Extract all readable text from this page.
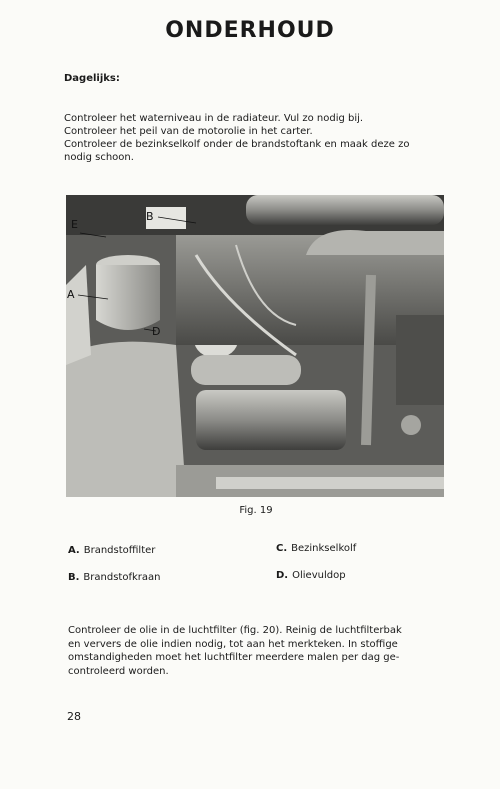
ONDERHOUD
Dagelijks:
Controleer het waterniveau in de radiateur. Vul zo nodig bij.
Controleer het peil van de motorolie in het carter.
Controleer de bezinkselkolf onder de brandstoftank en maak deze zo
nodig schoon.
E
B
A
D
Fig. 19
A. Brandstoffilter	C. Bezinkselkolf
B. Brandstofkraan	D. Olievuldop
Controleer de olie in de luchtfilter (fig. 20). Reinig de luchtfilterbak
en ververs de olie indien nodig, tot aan het merkteken. In stoffige
omstandigheden moet het luchtfilter meerdere malen per dag ge-
controleerd worden.
28
